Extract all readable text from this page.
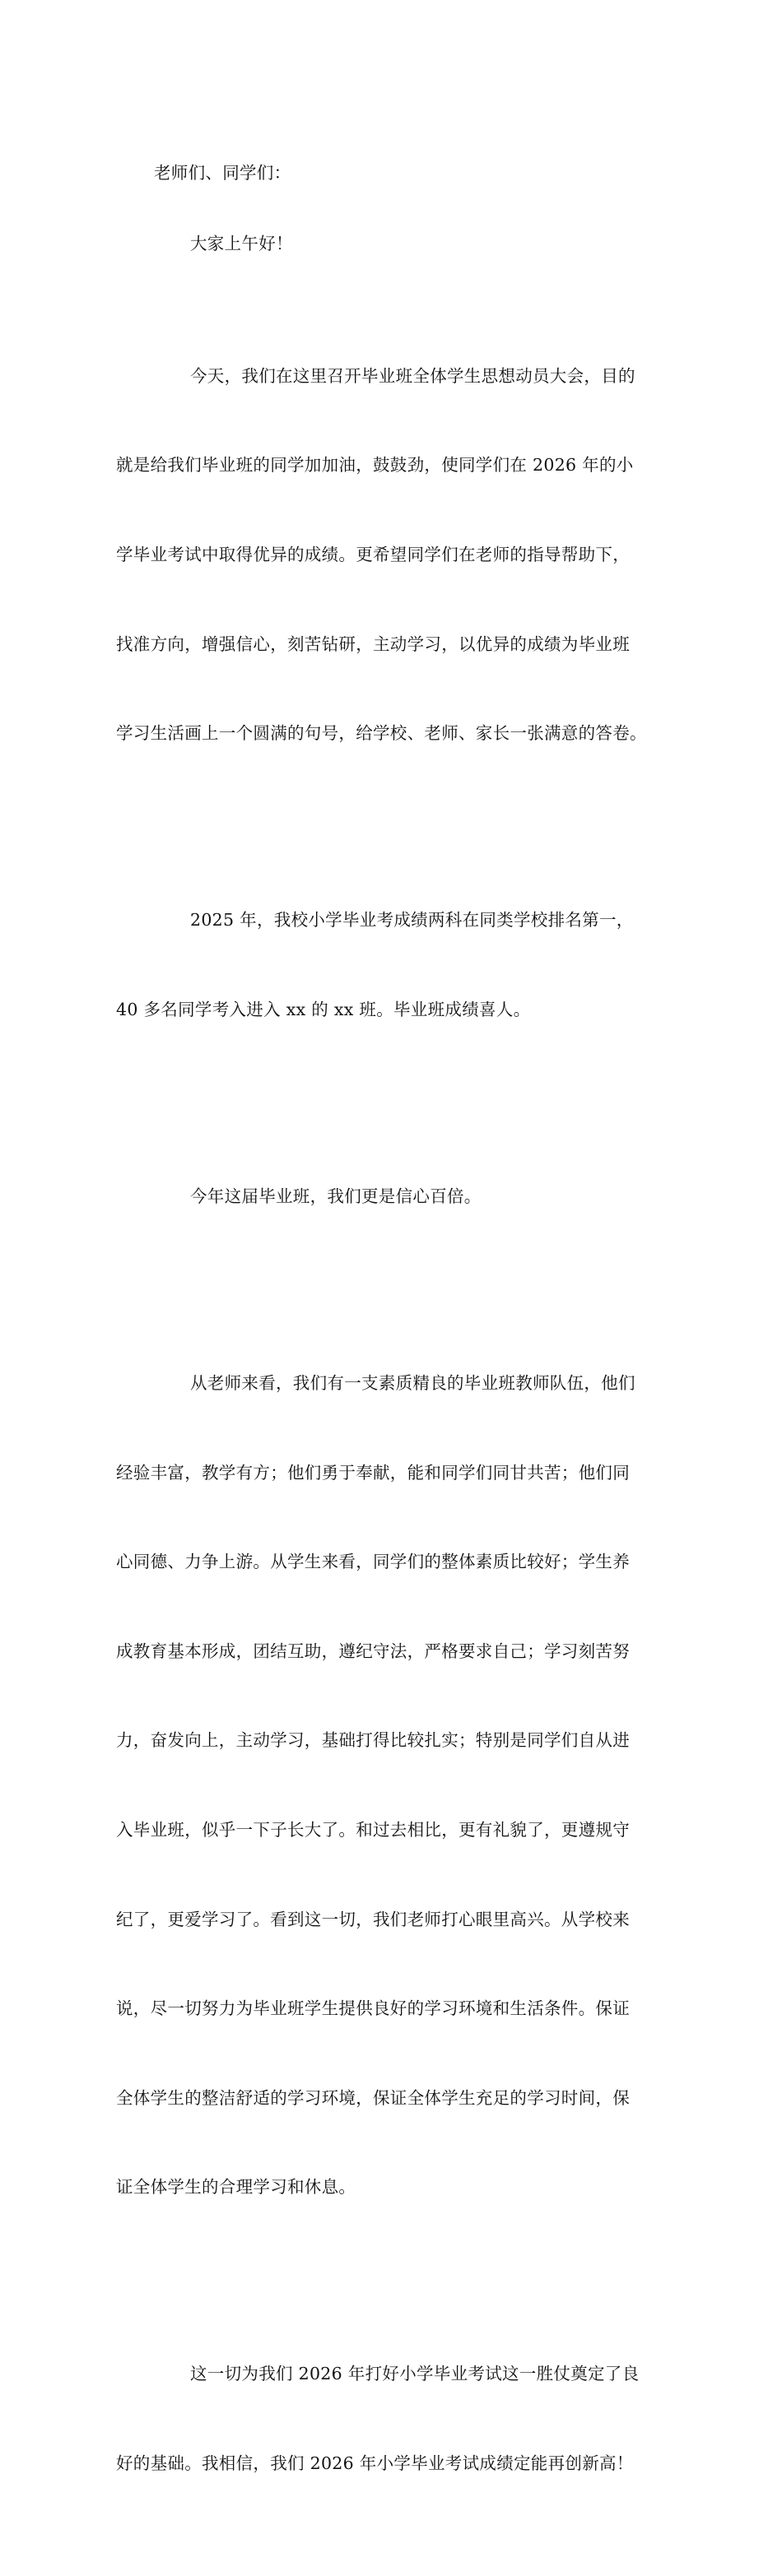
老师们、同学们：

大家上午好！

今天，我们在这里召开毕业班全体学生思想动员大会，目的

就是给我们毕业班的同学加加油，鼓鼓劲，使同学们在 2026 年的小

学毕业考试中取得优异的成绩。更希望同学们在老师的指导帮助下，

找准方向，增强信心，刻苦钻研，主动学习，以优异的成绩为毕业班

学习生活画上一个圆满的句号，给学校、老师、家长一张满意的答卷。

2025 年，我校小学毕业考成绩两科在同类学校排名第一，

40 多名同学考入进入 xx 的 xx 班。毕业班成绩喜人。

今年这届毕业班，我们更是信心百倍。

从老师来看，我们有一支素质精良的毕业班教师队伍，他们

经验丰富，教学有方；他们勇于奉献，能和同学们同甘共苦；他们同

心同德、力争上游。从学生来看，同学们的整体素质比较好；学生养

成教育基本形成，团结互助，遵纪守法，严格要求自己；学习刻苦努

力，奋发向上，主动学习，基础打得比较扎实；特别是同学们自从进

入毕业班，似乎一下子长大了。和过去相比，更有礼貌了，更遵规守

纪了，更爱学习了。看到这一切，我们老师打心眼里高兴。从学校来

说，尽一切努力为毕业班学生提供良好的学习环境和生活条件。保证

全体学生的整洁舒适的学习环境，保证全体学生充足的学习时间，保

证全体学生的合理学习和休息。

这一切为我们 2026 年打好小学毕业考试这一胜仗奠定了良

好的基础。我相信，我们 2026 年小学毕业考试成绩定能再创新高！
